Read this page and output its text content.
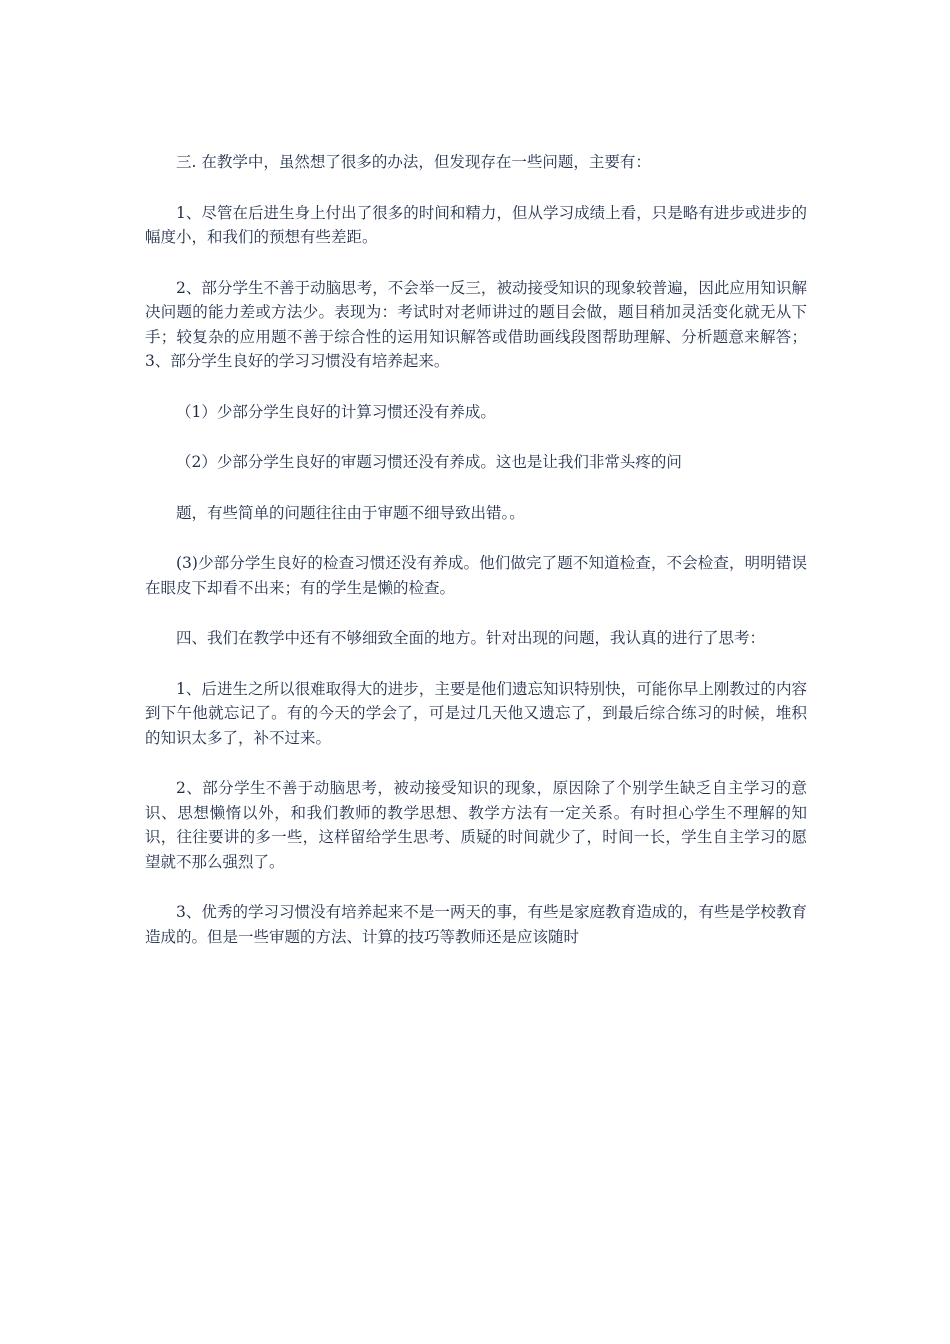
三. 在教学中，虽然想了很多的办法，但发现存在一些问题，主要有：

1、尽管在后进生身上付出了很多的时间和精力，但从学习成绩上看，只是略有进步或进步的幅度小，和我们的预想有些差距。

2、部分学生不善于动脑思考，不会举一反三，被动接受知识的现象较普遍，因此应用知识解决问题的能力差或方法少。表现为：考试时对老师讲过的题目会做，题目稍加灵活变化就无从下手；较复杂的应用题不善于综合性的运用知识解答或借助画线段图帮助理解、分析题意来解答；3、部分学生良好的学习习惯没有培养起来。

（1）少部分学生良好的计算习惯还没有养成。

（2）少部分学生良好的审题习惯还没有养成。这也是让我们非常头疼的问

题，有些简单的问题往往由于审题不细导致出错。。

(3)少部分学生良好的检查习惯还没有养成。他们做完了题不知道检查，不会检查，明明错误在眼皮下却看不出来；有的学生是懒的检查。

四、我们在教学中还有不够细致全面的地方。针对出现的问题，我认真的进行了思考：

1、后进生之所以很难取得大的进步，主要是他们遗忘知识特别快，可能你早上刚教过的内容到下午他就忘记了。有的今天的学会了，可是过几天他又遗忘了，到最后综合练习的时候，堆积的知识太多了，补不过来。

2、部分学生不善于动脑思考，被动接受知识的现象，原因除了个别学生缺乏自主学习的意识、思想懒惰以外，和我们教师的教学思想、教学方法有一定关系。有时担心学生不理解的知识，往往要讲的多一些，这样留给学生思考、质疑的时间就少了，时间一长，学生自主学习的愿望就不那么强烈了。

3、优秀的学习习惯没有培养起来不是一两天的事，有些是家庭教育造成的，有些是学校教育造成的。但是一些审题的方法、计算的技巧等教师还是应该随时
